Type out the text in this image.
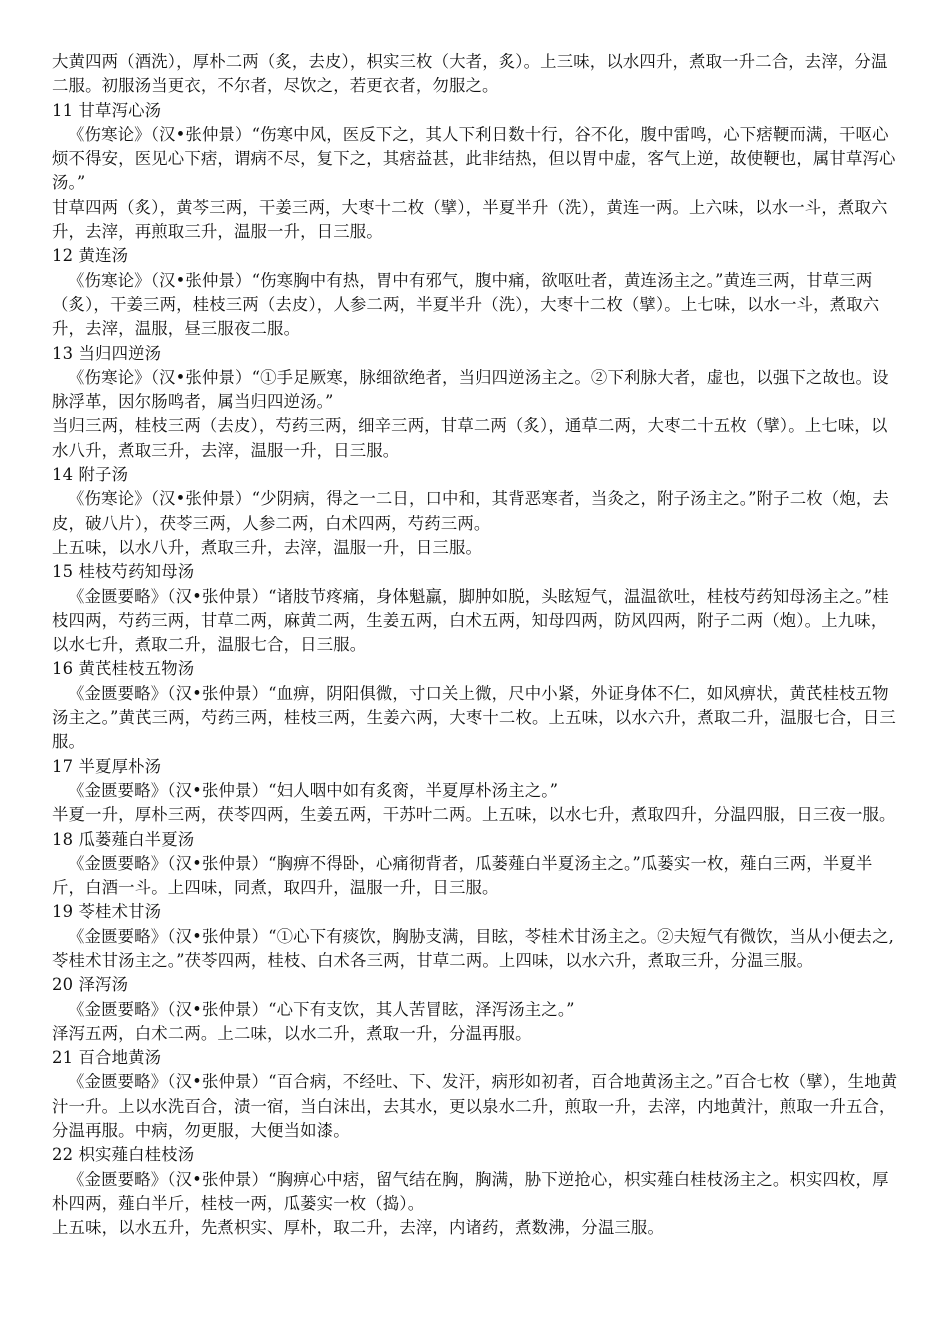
大黄四两（酒洗），厚朴二两（炙，去皮），枳实三枚（大者，炙）。上三味，以水四升，煮取一升二合，去滓，分温二服。初服汤当更衣，不尔者，尽饮之，若更衣者，勿服之。

11 甘草泻心汤

《伤寒论》（汉•张仲景）“伤寒中风，医反下之，其人下利日数十行，谷不化，腹中雷鸣，心下痞鞕而满，干呕心烦不得安，医见心下痞，谓病不尽，复下之，其痞益甚，此非结热，但以胃中虚，客气上逆，故使鞕也，属甘草泻心汤。”

甘草四两（炙），黄芩三两，干姜三两，大枣十二枚（擘），半夏半升（洗），黄连一两。上六味，以水一斗，煮取六升，去滓，再煎取三升，温服一升，日三服。

12 黄连汤

《伤寒论》（汉•张仲景）“伤寒胸中有热，胃中有邪气，腹中痛，欲呕吐者，黄连汤主之。”黄连三两，甘草三两（炙），干姜三两，桂枝三两（去皮），人参二两，半夏半升（洗），大枣十二枚（擘）。上七味，以水一斗，煮取六升，去滓，温服，昼三服夜二服。

13 当归四逆汤

《伤寒论》（汉•张仲景）“①手足厥寒，脉细欲绝者，当归四逆汤主之。②下利脉大者，虚也，以强下之故也。设脉浮革，因尔肠鸣者，属当归四逆汤。”

当归三两，桂枝三两（去皮），芍药三两，细辛三两，甘草二两（炙），通草二两，大枣二十五枚（擘）。上七味，以水八升，煮取三升，去滓，温服一升，日三服。

14 附子汤

《伤寒论》（汉•张仲景）“少阴病，得之一二日，口中和，其背恶寒者，当灸之，附子汤主之。”附子二枚（炮，去皮，破八片），茯苓三两，人参二两，白术四两，芍药三两。

上五味，以水八升，煮取三升，去滓，温服一升，日三服。

15 桂枝芍药知母汤

《金匮要略》（汉•张仲景）“诸肢节疼痛，身体魁羸，脚肿如脱，头眩短气，温温欲吐，桂枝芍药知母汤主之。”桂枝四两，芍药三两，甘草二两，麻黄二两，生姜五两，白术五两，知母四两，防风四两，附子二两（炮）。上九味，以水七升，煮取二升，温服七合，日三服。

16 黄芪桂枝五物汤

《金匮要略》（汉•张仲景）“血痹，阴阳俱微，寸口关上微，尺中小紧，外证身体不仁，如风痹状，黄芪桂枝五物汤主之。”黄芪三两，芍药三两，桂枝三两，生姜六两，大枣十二枚。上五味，以水六升，煮取二升，温服七合，日三服。

17 半夏厚朴汤

《金匮要略》（汉•张仲景）“妇人咽中如有炙脔，半夏厚朴汤主之。”

半夏一升，厚朴三两，茯苓四两，生姜五两，干苏叶二两。上五味，以水七升，煮取四升，分温四服，日三夜一服。

18 瓜蒌薤白半夏汤

《金匮要略》（汉•张仲景）“胸痹不得卧，心痛彻背者，瓜蒌薤白半夏汤主之。”瓜蒌实一枚，薤白三两，半夏半斤，白酒一斗。上四味，同煮，取四升，温服一升，日三服。

19 苓桂术甘汤

《金匮要略》（汉•张仲景）“①心下有痰饮，胸胁支满，目眩，苓桂术甘汤主之。②夫短气有微饮，当从小便去之,苓桂术甘汤主之。”茯苓四两，桂枝、白术各三两，甘草二两。上四味，以水六升，煮取三升，分温三服。

20 泽泻汤

《金匮要略》（汉•张仲景）“心下有支饮，其人苦冒眩，泽泻汤主之。”

泽泻五两，白术二两。上二味，以水二升，煮取一升，分温再服。

21 百合地黄汤

《金匮要略》（汉•张仲景）“百合病，不经吐、下、发汗，病形如初者，百合地黄汤主之。”百合七枚（擘），生地黄汁一升。上以水洗百合，渍一宿，当白沫出，去其水，更以泉水二升，煎取一升，去滓，内地黄汁，煎取一升五合，分温再服。中病，勿更服，大便当如漆。

22 枳实薤白桂枝汤

《金匮要略》（汉•张仲景）“胸痹心中痞，留气结在胸，胸满，胁下逆抢心，枳实薤白桂枝汤主之。枳实四枚，厚朴四两，薤白半斤，桂枝一两，瓜蒌实一枚（捣）。

上五味，以水五升，先煮枳实、厚朴，取二升，去滓，内诸药，煮数沸，分温三服。
